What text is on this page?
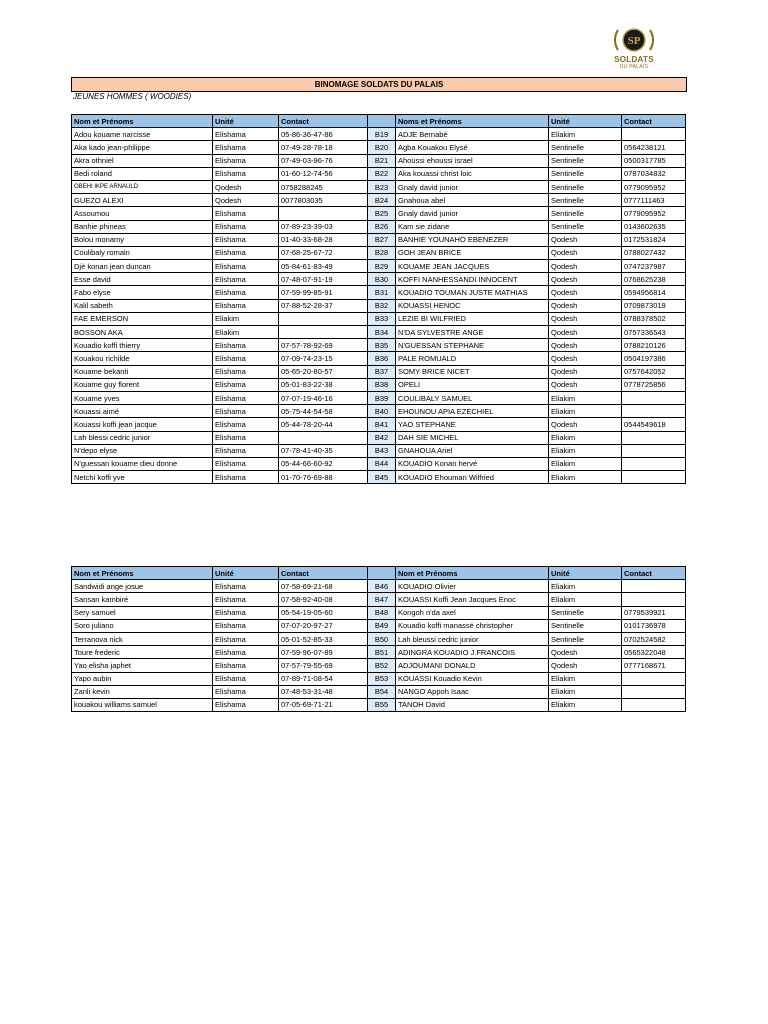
SP
SOLDATS
DU PALAIS
BINOMAGE SOLDATS DU PALAIS
JEUNES HOMMES ( WOODIES)
Nom et Prénoms	Unité	Contact		Noms et Prénoms	Unité	Contact
Adou kouame narcisse	Elishama	05-86-36-47-86	B19	ADJE Bernabé	Eliakim	
Aka kado jean-philippe	Elishama	07-49-28-78-18	B20	Agba Kouakou Elysé	Sentinelle	0564238121
Akra othniel	Elishama	07-49-03-96-76	B21	Ahoussi ehoussi israel	Sentinelle	0500317785
Bedi roland	Elishama	01-60-12-74-56	B22	Aka kouassi christ loic	Sentinelle	0787034832
OBEHI IKPE ARNAULD	Qodesh	0758288245	B23	Gnaly david junior	Sentinelle	0779095952
GUEZO ALEXI	Qodesh	0077803035	B24	Gnahoua abel	Sentinelle	0777111463
Assoumou	Elishama		B25	Gnaly david junior	Sentinelle	0779095952
Banhie phineas	Elishama	07-89-23-39-03	B26	Kam sie zidane	Sentinelle	0143602635
Bolou monamy	Elishama	01-40-33-68-28	B27	BANHIE YOUNAHO EBENEZER	Qodesh	0172531824
Coulibaly romain	Elishama	07-68-25-67-72	B28	GOH JEAN BRICE	Qodesh	0788027432
Djè konan jean duncan	Elishama	05-84-61-83-49	B29	KOUAME JEAN JACQUES	Qodesh	0747237987
Esse david	Elishama	07-48-07-91-19	B30	KOFFI NANHESSANDI INNOCENT	Qodesh	0768625238
Fabo elyse	Elishama	07-59-99-85-91	B31	KOUADIO TOUMAN JUSTE MATHIAS	Qodesh	0594956814
Kalil sabeth	Elishama	07-88-52-28-37	B32	KOUASSI HENOC	Qodesh	0709873019
FAE EMERSON	Eliakim		B33	LEZIE BI WILFRIED	Qodesh	0788378502
BOSSON AKA	Eliakim		B34	N'DA SYLVESTRE ANGE	Qodesh	0757336543
Kouadio koffi thierry	Elishama	07-57-78-92-69	B35	N'GUESSAN STEPHANE	Qodesh	0788210126
Kouakou richilde	Elishama	07-09-74-23-15	B36	PALE ROMUALD	Qodesh	0504197386
Kouame bekanti	Elishama	05-65-20-80-57	B37	SOMY BRICE NICET	Qodesh	0757642052
Kouame guy florent	Elishama	05-01-83-22-38	B38	OPELI	Qodesh	0778725856
Kouame yves	Elishama	07-07-19-46-16	B39	COULIBALY SAMUEL	Eliakim	
Kouassi aimé	Elishama	05-75-44-54-58	B40	EHOUNOU APIA EZECHIEL	Eliakim	
Kouassi koffi jean jacque	Elishama	05-44-78-20-44	B41	YAO STEPHANE	Qodesh	0544549618
Lah blessi cedric junior	Elishama		B42	DAH SIE MICHEL	Eliakim	
N'depo elyse	Elishama	07-78-41-40-35	B43	GNAHOUA Ariel	Eliakim	
N'guessan kouame dieu donne	Elishama	05-44-66-60-92	B44	KOUADIO Konan hervé	Eliakim	
Netchi koffi yve	Elishama	01-70-76-69-88	B45	KOUADIO Ehouman Wilfried	Eliakim	
Nom et Prénoms	Unité	Contact		Nom et Prénoms	Unité	Contact
Sandwidi ange josue	Elishama	07-58-69-21-68	B46	KOUADIO Olivier	Eliakim	
Sansan kambiré	Elishama	07-58-92-40-08	B47	KOUASSI Koffi Jean Jacques Enoc	Eliakim	
Sery samuel	Elishama	05-54-19-05-60	B48	Kongoh n'da axel	Sentinelle	0779539921
Soro juliano	Elishama	07-07-20-97-27	B49	Kouadio koffi manassé christopher	Sentinelle	0101736978
Terranova nick	Elishama	05-01-52-85-33	B50	Lah bleussi cedric junior	Sentinelle	0702524582
Toure frederic	Elishama	07-59-96-07-89	B51	ADINGRA KOUADIO J.FRANCOIS	Qodesh	0565322048
Yao elisha japhet	Elishama	07-57-79-55-69	B52	ADJOUMANI DONALD	Qodesh	0777168671
Yapo aubin	Elishama	07-89-71-08-54	B53	KOUASSI Kouadio Kevin	Eliakim	
Zanli kevin	Elishama	07-48-53-31-48	B54	NANGO Appoh Isaac	Eliakim	
kouakou williams samuel	Elishama	07-05-69-71-21	B55	TANOH David	Eliakim	
